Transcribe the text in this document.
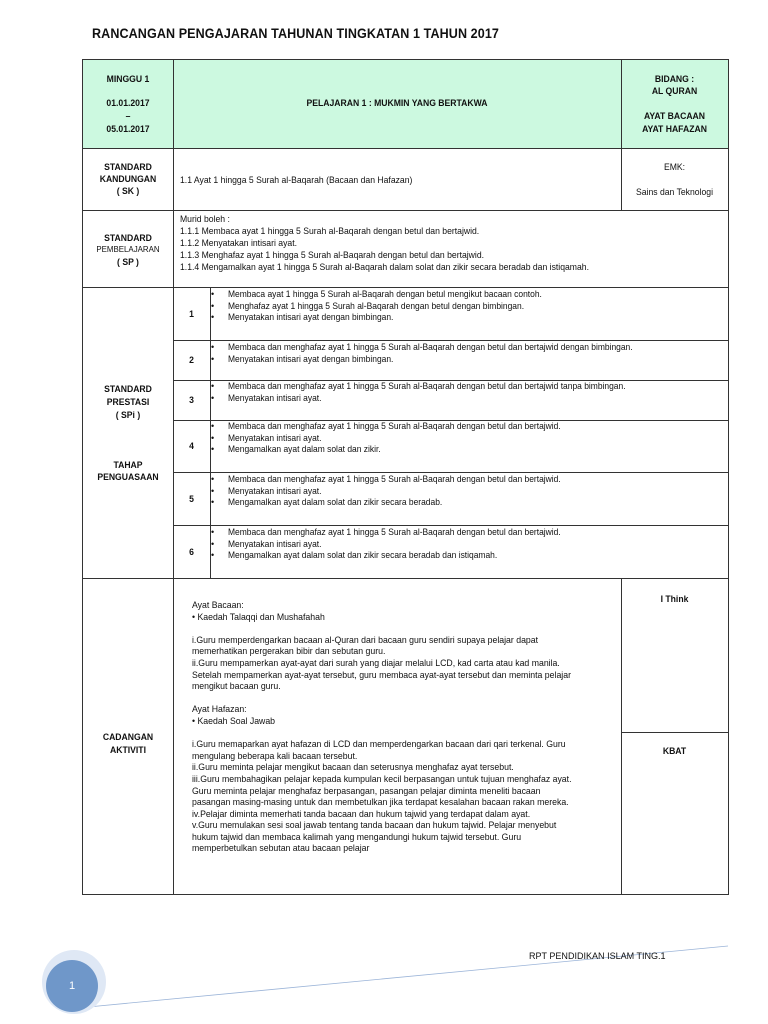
RANCANGAN PENGAJARAN TAHUNAN TINGKATAN 1 TAHUN 2017
MINGGU 1
01.01.2017
–
05.01.2017
PELAJARAN 1 : MUKMIN YANG BERTAKWA
BIDANG :
AL QURAN
AYAT BACAAN
AYAT HAFAZAN
STANDARD
KANDUNGAN
( SK )
1.1 Ayat 1 hingga 5 Surah al-Baqarah (Bacaan dan Hafazan)
EMK:
Sains dan Teknologi
STANDARD
PEMBELAJARAN
( SP )
Murid boleh :
1.1.1 Membaca ayat 1 hingga 5 Surah al-Baqarah dengan betul dan bertajwid.
1.1.2 Menyatakan intisari ayat.
1.1.3 Menghafaz ayat 1 hingga 5 Surah al-Baqarah dengan betul dan bertajwid.
1.1.4 Mengamalkan ayat 1 hingga 5 Surah al-Baqarah dalam solat dan zikir secara beradab dan istiqamah.
STANDARD
PRESTASI
( SPi )
TAHAP
PENGUASAAN
1
2
3
4
5
6
• Membaca ayat 1 hingga 5 Surah al-Baqarah dengan betul mengikut bacaan contoh.
• Menghafaz ayat 1 hingga 5 Surah al-Baqarah dengan betul dengan bimbingan.
• Menyatakan intisari ayat dengan bimbingan.
• Membaca dan menghafaz ayat 1 hingga 5 Surah al-Baqarah dengan betul dan bertajwid dengan bimbingan.
• Menyatakan intisari ayat dengan bimbingan.
• Membaca dan menghafaz ayat 1 hingga 5 Surah al-Baqarah dengan betul dan bertajwid tanpa bimbingan.
• Menyatakan intisari ayat.
• Membaca dan menghafaz ayat 1 hingga 5 Surah al-Baqarah dengan betul dan bertajwid.
• Menyatakan intisari ayat.
• Mengamalkan ayat dalam solat dan zikir.
• Membaca dan menghafaz ayat 1 hingga 5 Surah al-Baqarah dengan betul dan bertajwid.
• Menyatakan intisari ayat.
• Mengamalkan ayat dalam solat dan zikir secara beradab.
• Membaca dan menghafaz ayat 1 hingga 5 Surah al-Baqarah dengan betul dan bertajwid.
• Menyatakan intisari ayat.
• Mengamalkan ayat dalam solat dan zikir secara beradab dan istiqamah.
CADANGAN
AKTIVITI
I Think
KBAT
Ayat Bacaan:
• Kaedah Talaqqi dan Mushafahah
i.Guru memperdengarkan bacaan al-Quran dari bacaan guru sendiri supaya pelajar dapat
memerhatikan pergerakan bibir dan sebutan guru.
ii.Guru mempamerkan ayat-ayat dari surah yang diajar melalui LCD, kad carta atau kad manila.
Setelah mempamerkan ayat-ayat tersebut, guru membaca ayat-ayat tersebut dan meminta pelajar
mengikut bacaan guru.
Ayat Hafazan:
• Kaedah Soal Jawab
i.Guru memaparkan ayat hafazan di LCD dan memperdengarkan bacaan dari qari terkenal. Guru
mengulang beberapa kali bacaan tersebut.
ii.Guru meminta pelajar mengikut bacaan dan seterusnya menghafaz ayat tersebut.
iii.Guru membahagikan pelajar kepada kumpulan kecil berpasangan untuk tujuan menghafaz ayat.
Guru meminta pelajar menghafaz berpasangan, pasangan pelajar diminta meneliti bacaan
pasangan masing-masing untuk dan membetulkan jika terdapat kesalahan bacaan rakan mereka.
iv.Pelajar diminta memerhati tanda bacaan dan hukum tajwid yang terdapat dalam ayat.
v.Guru memulakan sesi soal jawab tentang tanda bacaan dan hukum tajwid. Pelajar menyebut
hukum tajwid dan membaca kalimah yang mengandungi hukum tajwid tersebut. Guru
memperbetulkan sebutan atau bacaan pelajar
RPT PENDIDIKAN ISLAM TING.1
1
